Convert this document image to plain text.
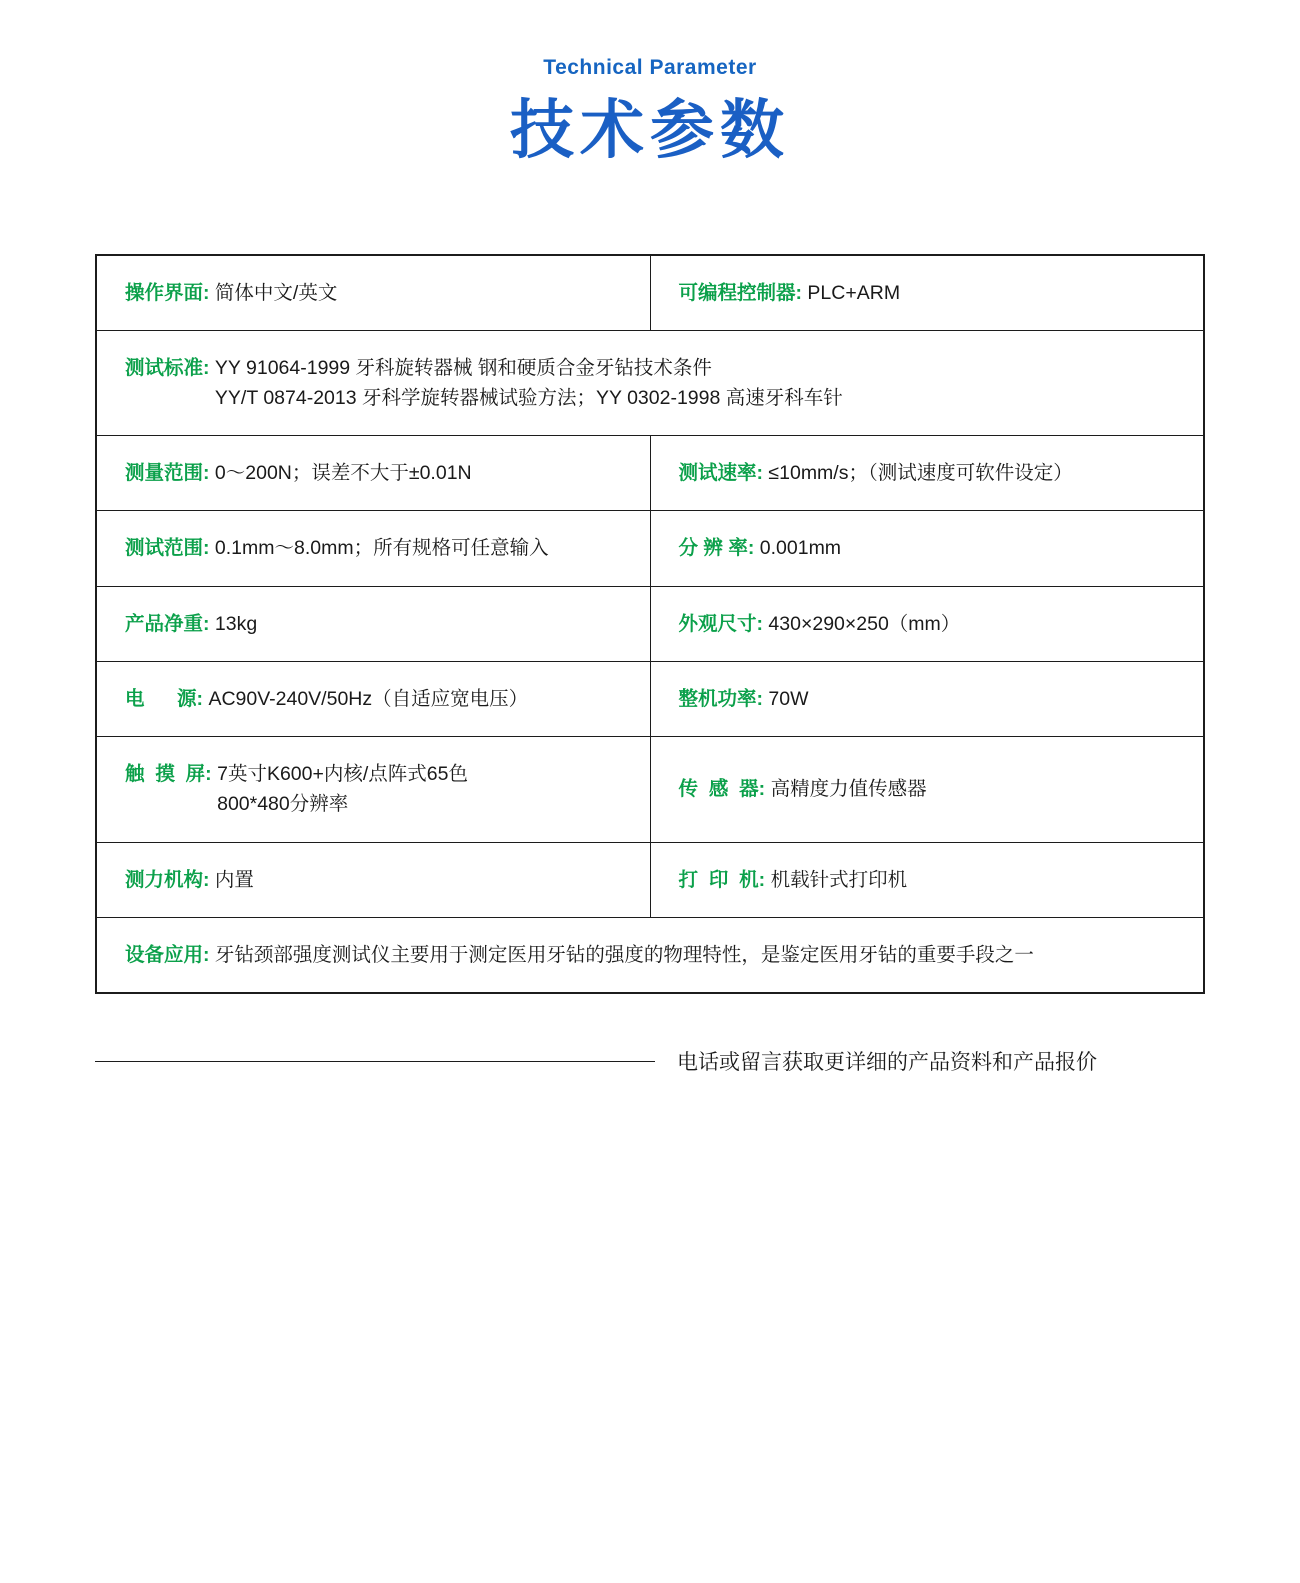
Technical Parameter
技术参数
操作界面: 简体中文/英文	可编程控制器: PLC+ARM
测试标准: YY 91064-1999 牙科旋转器械 钢和硬质合金牙钻技术条件
YY/T 0874-2013 牙科学旋转器械试验方法；YY 0302-1998 高速牙科车针	

测量范围: 0～200N；误差不大于±0.01N	测试速率: ≤10mm/s；（测试速度可软件设定）
测试范围: 0.1mm～8.0mm；所有规格可任意输入	分 辨 率: 0.001mm
产品净重: 13kg	外观尺寸: 430×290×250（mm）
电      源: AC90V-240V/50Hz（自适应宽电压）	整机功率: 70W
触  摸  屏: 7英寸K600+内核/点阵式65色
800*480分辨率	传  感  器: 高精度力值传感器
测力机构: 内置	打  印  机: 机载针式打印机
设备应用: 牙钻颈部强度测试仪主要用于测定医用牙钻的强度的物理特性，是鉴定医用牙钻的重要手段之一	
电话或留言获取更详细的产品资料和产品报价
